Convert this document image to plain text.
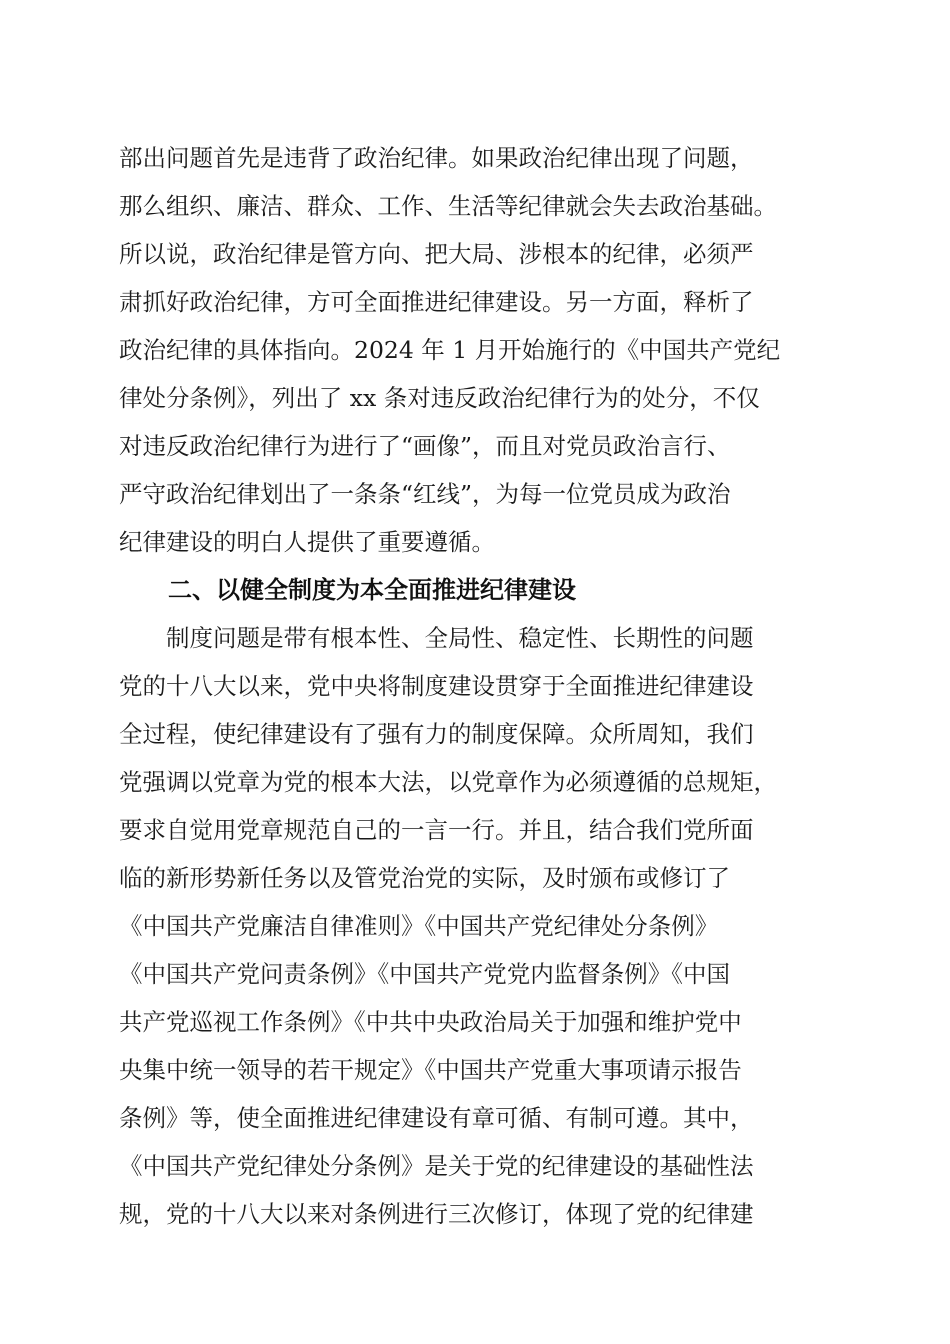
部出问题首先是违背了政治纪律。如果政治纪律出现了问题，
那么组织、廉洁、群众、工作、生活等纪律就会失去政治基础。
所以说，政治纪律是管方向、把大局、涉根本的纪律，必须严
肃抓好政治纪律，方可全面推进纪律建设。另一方面，释析了
政治纪律的具体指向。2024 年 1 月开始施行的《中国共产党纪
律处分条例》，列出了 xx 条对违反政治纪律行为的处分，不仅
对违反政治纪律行为进行了“画像”，而且对党员政治言行、
严守政治纪律划出了一条条“红线”，为每一位党员成为政治
纪律建设的明白人提供了重要遵循。
二、以健全制度为本全面推进纪律建设
　　制度问题是带有根本性、全局性、稳定性、长期性的问题
党的十八大以来，党中央将制度建设贯穿于全面推进纪律建设
全过程，使纪律建设有了强有力的制度保障。众所周知，我们
党强调以党章为党的根本大法，以党章作为必须遵循的总规矩，
要求自觉用党章规范自己的一言一行。并且，结合我们党所面
临的新形势新任务以及管党治党的实际，及时颁布或修订了
《中国共产党廉洁自律准则》《中国共产党纪律处分条例》
《中国共产党问责条例》《中国共产党党内监督条例》《中国
共产党巡视工作条例》《中共中央政治局关于加强和维护党中
央集中统一领导的若干规定》《中国共产党重大事项请示报告
条例》等，使全面推进纪律建设有章可循、有制可遵。其中，
《中国共产党纪律处分条例》是关于党的纪律建设的基础性法
规，党的十八大以来对条例进行三次修订，体现了党的纪律建
